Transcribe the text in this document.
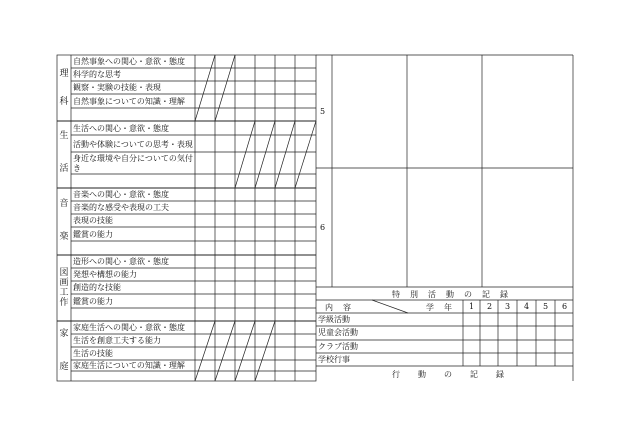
理
科
生
活
音
楽
図
画
工
作
家
庭
自然事象への関心・意欲・態度
科学的な思考
観察・実験の技能・表現
自然事象についての知識・理解
生活への関心・意欲・態度
活動や体験についての思考・表現
身近な環境や自分についての気付き
音楽への関心・意欲・態度
音楽的な感受や表現の工夫
表現の技能
鑑賞の能力
造形への関心・意欲・態度
発想や構想の能力
創造的な技能
鑑賞の能力
家庭生活への関心・意欲・態度
生活を創意工夫する能力
生活の技能
家庭生活についての知識・理解
5
6
特別活動の記録
内容	学年 1 2 3 4 5 6
学級活動
児童会活動
クラブ活動
学校行事
行動の記録
